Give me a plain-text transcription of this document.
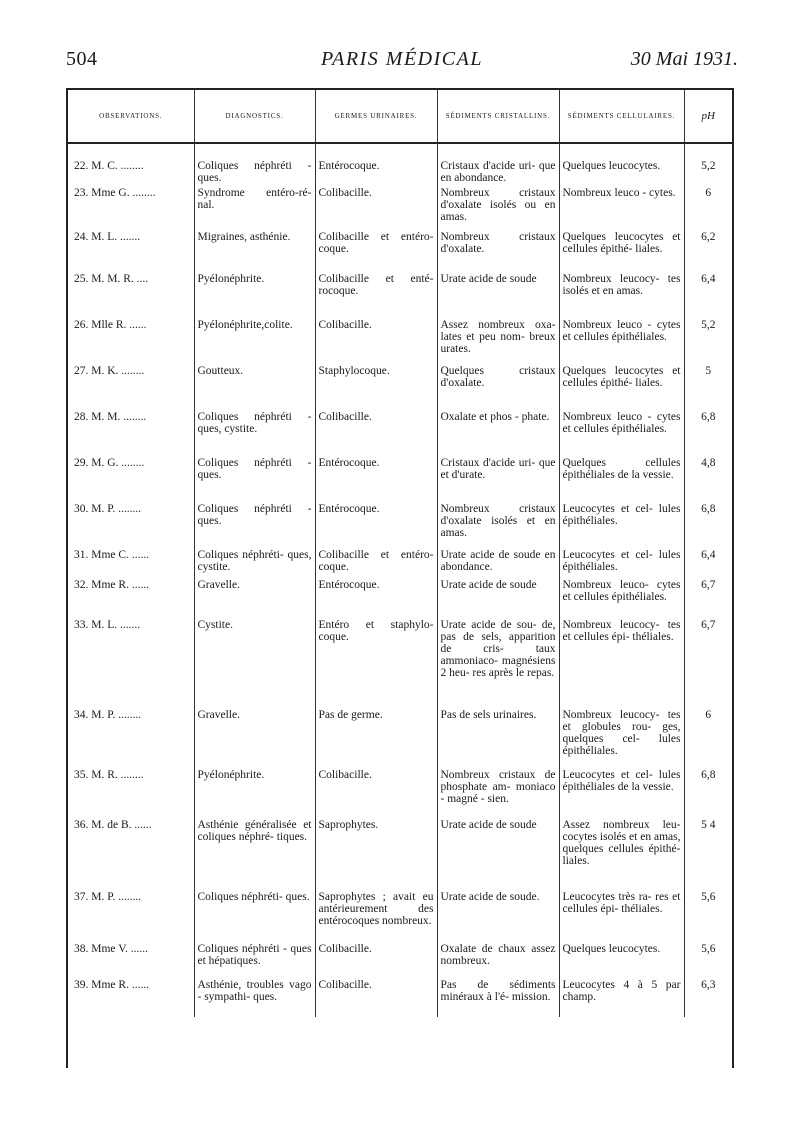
504	PARIS MÉDICAL	30 Mai 1931.
OBSERVATIONS.	DIAGNOSTICS.	GERMES URINAIRES.	SÉDIMENTS CRISTALLINS.	SÉDIMENTS CELLULAIRES.	pH
22. M. C. ........	Coliques néphréti - ques.	Entérocoque.	Cristaux d'acide uri- que en abondance.	Quelques leucocytes.	5,2
23. Mme G. ........	Syndrome entéro-ré- nal.	Colibacille.	Nombreux cristaux d'oxalate isolés ou en amas.	Nombreux leuco - cytes.	6
24. M. L. .......	Migraines, asthénie.	Colibacille et entéro- coque.	Nombreux cristaux d'oxalate.	Quelques leucocytes et cellules épithé- liales.	6,2
25. M. M. R. ....	Pyélonéphrite.	Colibacille et enté- rocoque.	Urate acide de soude	Nombreux leucocy- tes isolés et en amas.	6,4
26. Mlle R. ......	Pyélonéphrite,colite.	Colibacille.	Assez nombreux oxa- lates et peu nom- breux urates.	Nombreux leuco - cytes et cellules épithéliales.	5,2
27. M. K. ........	Goutteux.	Staphylocoque.	Quelques cristaux d'oxalate.	Quelques leucocytes et cellules épithé- liales.	5
28. M. M. ........	Coliques néphréti - ques, cystite.	Colibacille.	Oxalate et phos - phate.	Nombreux leuco - cytes et cellules épithéliales.	6,8
29. M. G. ........	Coliques néphréti - ques.	Entérocoque.	Cristaux d'acide uri- que et d'urate.	Quelques cellules épithéliales de la vessie.	4,8
30. M. P. ........	Coliques néphréti - ques.	Entérocoque.	Nombreux cristaux d'oxalate isolés et en amas.	Leucocytes et cel- lules épithéliales.	6,8
31. Mme C. ......	Coliques néphréti- ques, cystite.	Colibacille et entéro- coque.	Urate acide de soude en abondance.	Leucocytes et cel- lules épithéliales.	6,4
32. Mme R. ......	Gravelle.	Entérocoque.	Urate acide de soude	Nombreux leuco- cytes et cellules épithéliales.	6,7
33. M. L. .......	Cystite.	Entéro et staphylo- coque.	Urate acide de sou- de, pas de sels, apparition de cris- taux ammoniaco- magnésiens 2 heu- res après le repas.	Nombreux leucocy- tes et cellules épi- théliales.	6,7
34. M. P. ........	Gravelle.	Pas de germe.	Pas de sels urinaires.	Nombreux leucocy- tes et globules rou- ges, quelques cel- lules épithéliales.	6
35. M. R. ........	Pyélonéphrite.	Colibacille.	Nombreux cristaux de phosphate am- moniaco - magné - sien.	Leucocytes et cel- lules épithéliales de la vessie.	6,8
36. M. de B. ......	Asthénie généralisée et coliques néphré- tiques.	Saprophytes.	Urate acide de soude	Assez nombreux leu- cocytes isolés et en amas, quelques cellules épithé- liales.	5 4
37. M. P. ........	Coliques néphréti- ques.	Saprophytes ; avait eu antérieurement des entérocoques nombreux.	Urate acide de soude.	Leucocytes très ra- res et cellules épi- théliales.	5,6
38. Mme V. ......	Coliques néphréti - ques et hépatiques.	Colibacille.	Oxalate de chaux assez nombreux.	Quelques leucocytes.	5,6
39. Mme R. ......	Asthénie, troubles vago - sympathi- ques.	Colibacille.	Pas de sédiments minéraux à l'é- mission.	Leucocytes 4 à 5 par champ.	6,3
